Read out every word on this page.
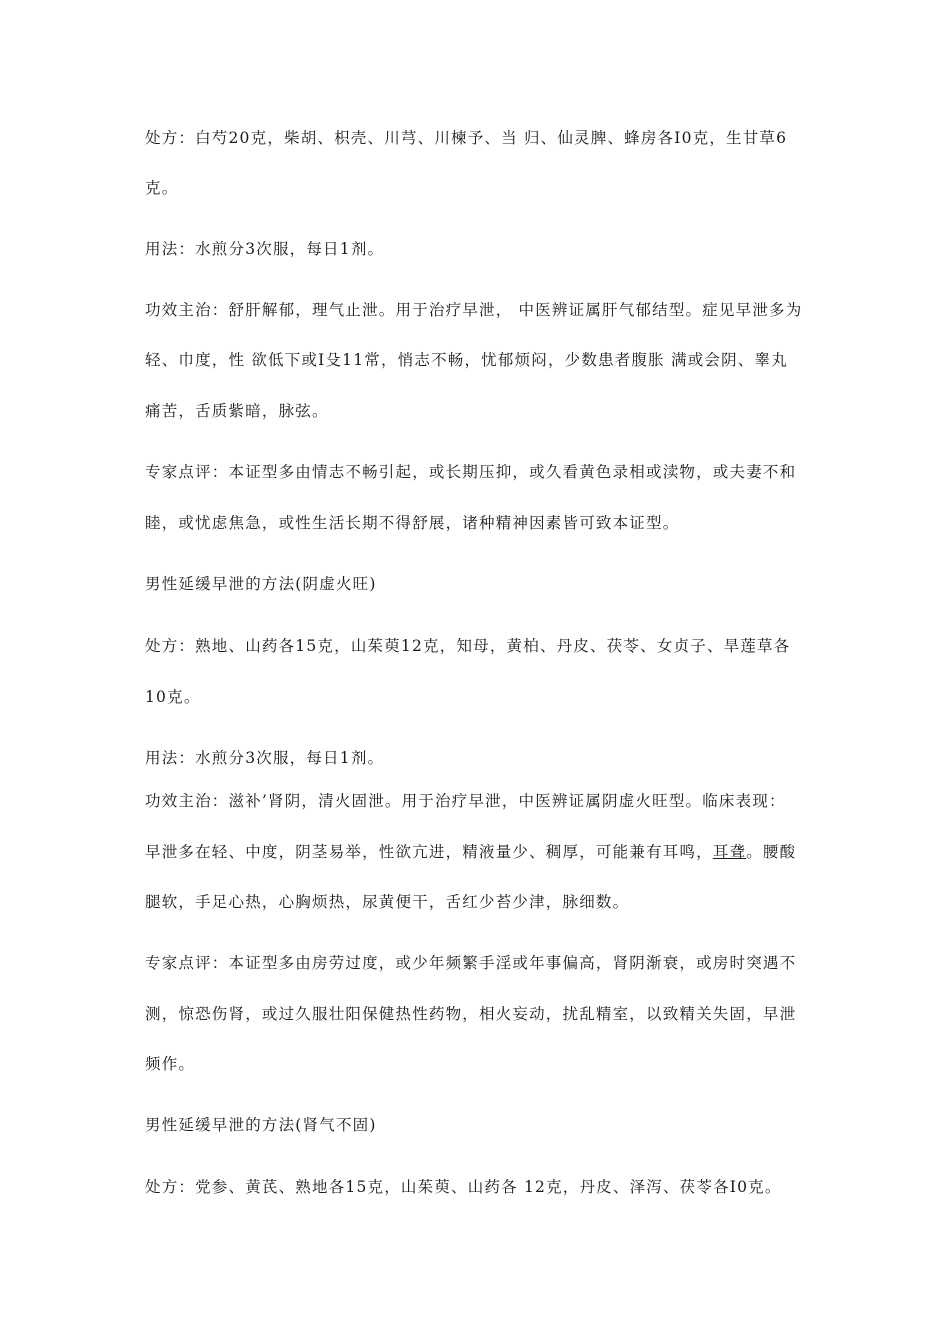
处方：白芍20克，柴胡、枳壳、川芎、川楝予、当 归、仙灵脾、蜂房各I0克，生甘草6
克。
用法：水煎分3次服，每日1剂。
功效主治：舒肝解郁，理气止泄。用于治疗早泄， 中医辨证属肝气郁结型。症见早泄多为
轻、巾度，性 欲低下或Ⅰ殳11常，悄志不畅，忧郁烦闷，少数患者腹胀 满或会阴、睾丸
痛苦，舌质紫暗，脉弦。
专家点评：本证型多由情志不畅引起，或长期压抑，或久看黄色录相或渎物，或夫妻不和
睦，或忧虑焦急，或性生活长期不得舒展，诸种精神因素皆可致本证型。
男性延缓早泄的方法(阴虚火旺)
处方：熟地、山药各15克，山茱萸12克，知母，黄柏、丹皮、茯苓、女贞子、旱莲草各
10克。
用法：水煎分3次服，每日1剂。
功效主治：滋补’肾阴，清火固泄。用于治疗早泄，中医辨证属阴虚火旺型。临床表现：
早泄多在轻、中度，阴茎易举，性欲亢进，精液量少、稠厚，可能兼有耳鸣，耳聋。腰酸
腿软，手足心热，心胸烦热，尿黄便干，舌红少苔少津，脉细数。
专家点评：本证型多由房劳过度，或少年频繁手淫或年事偏高，肾阴渐衰，或房时突遇不
测，惊恐伤肾，或过久服壮阳保健热性药物，相火妄动，扰乱精室，以致精关失固，早泄
频作。
男性延缓早泄的方法(肾气不固)
处方：党参、黄芪、熟地各15克，山茱萸、山药各 12克，丹皮、泽泻、茯苓各I0克。
